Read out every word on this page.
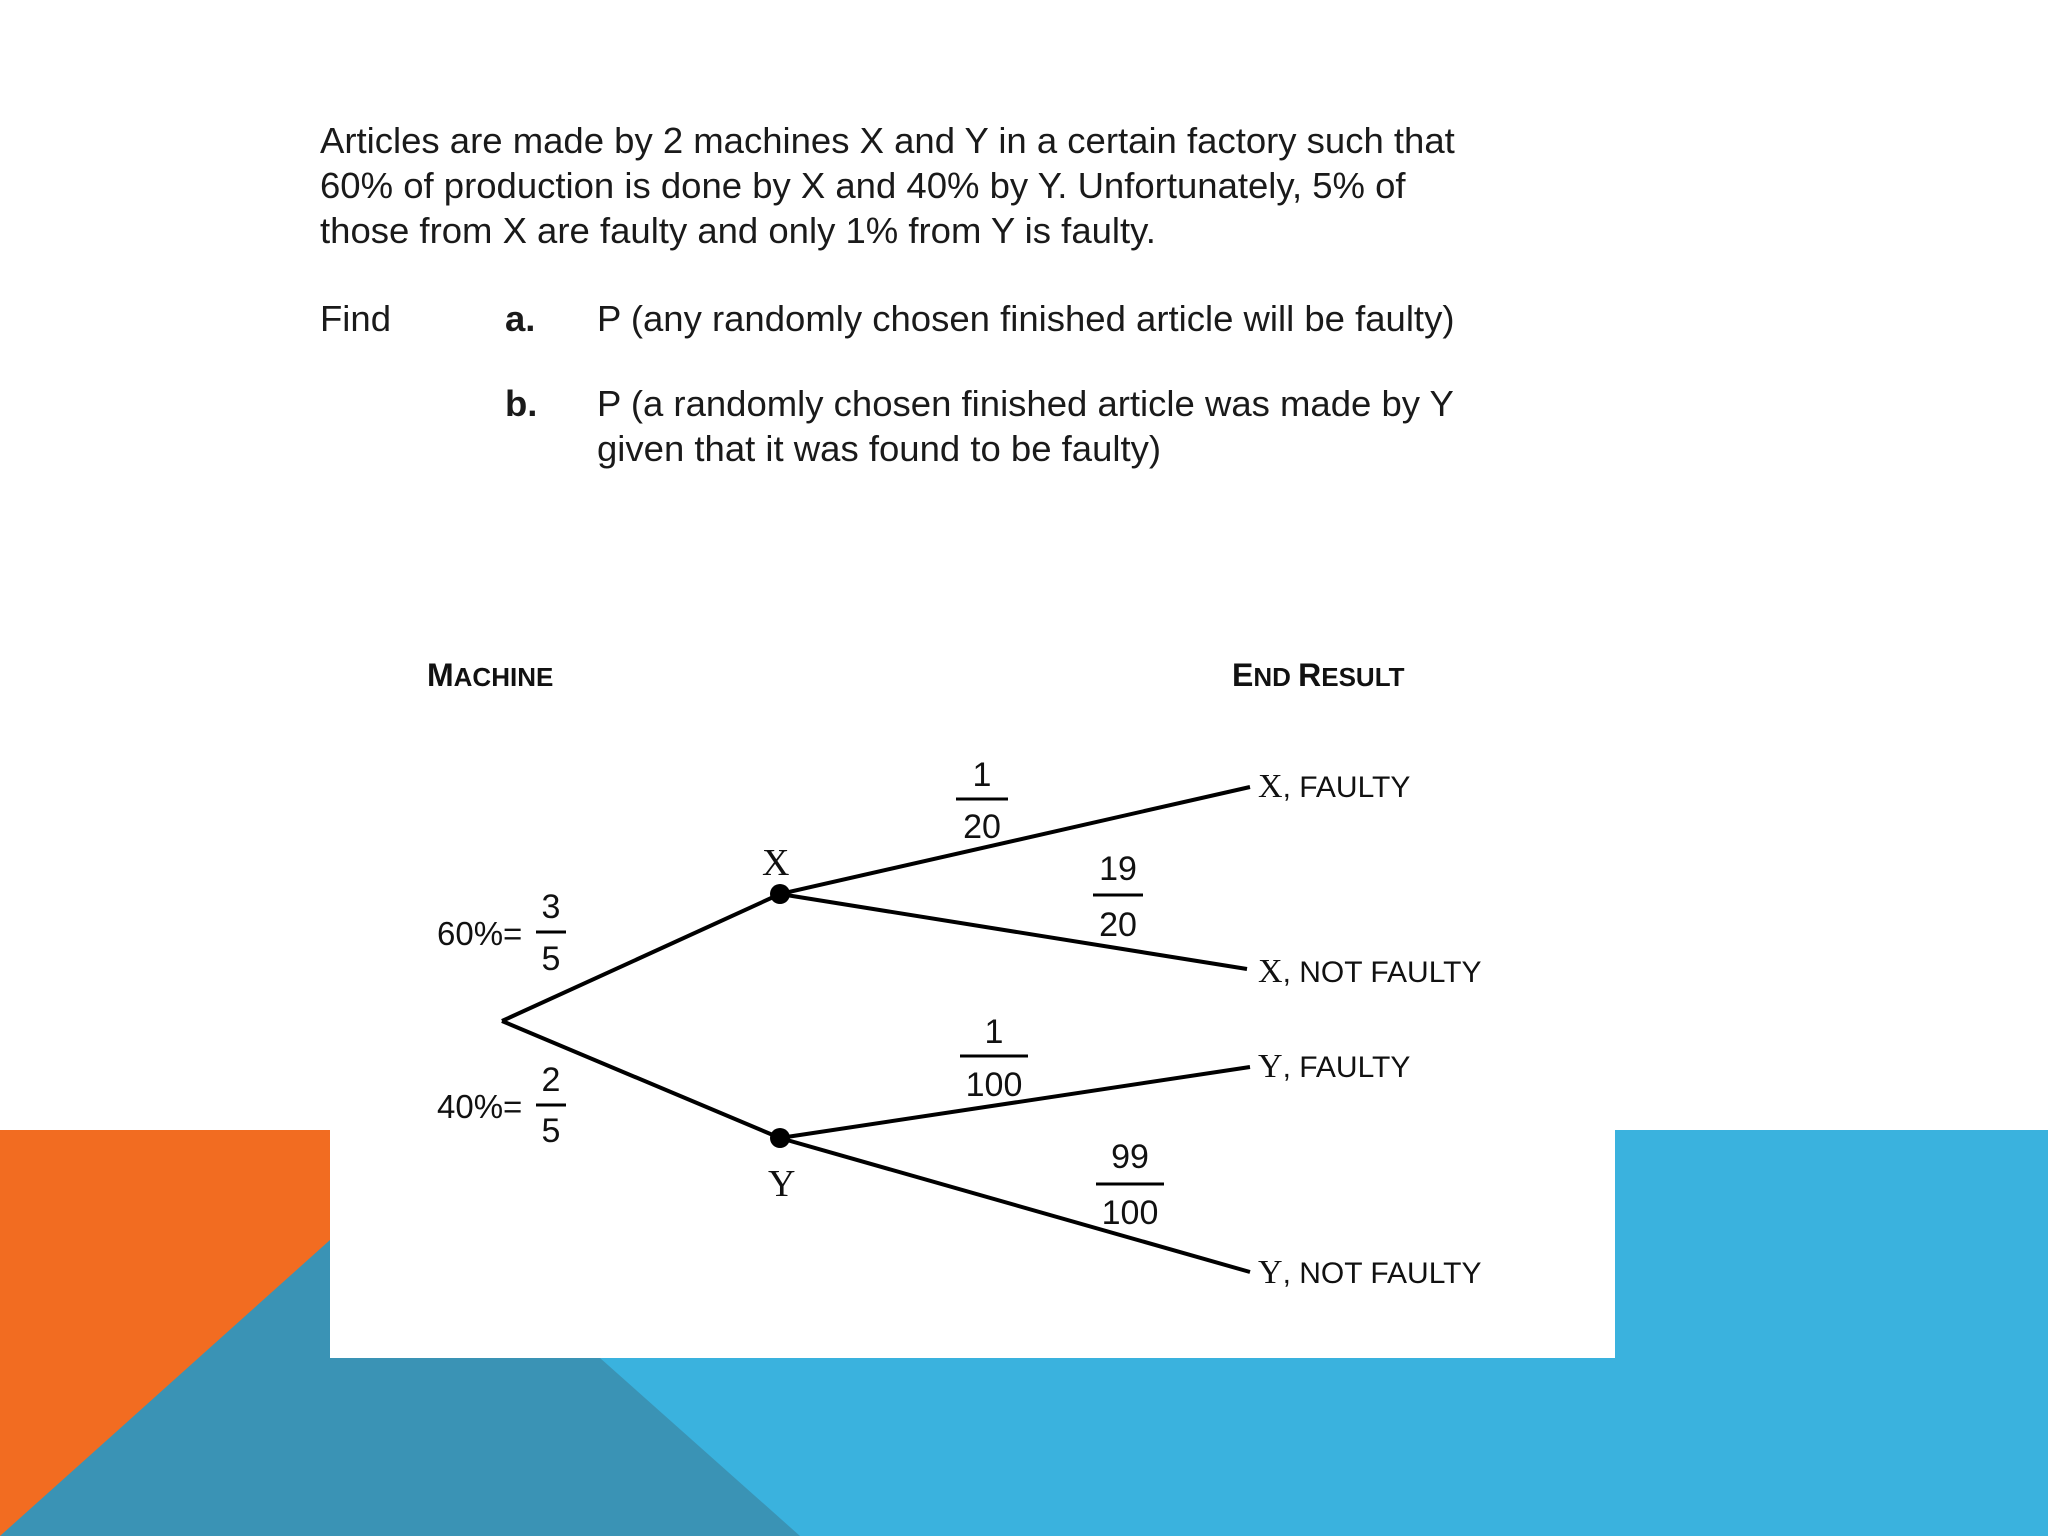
Articles are made by 2 machines X and Y in a certain factory such that

60% of production is done by X and 40% by Y. Unfortunately, 5% of

those from X are faulty and only 1% from Y is faulty.

Find	a. P (any randomly chosen finished article will be faulty)
b. P (a randomly chosen finished article was made by Y
given that it was found to be faulty)
MACHINE	END RESULT
X
Y
60%=
3
5
40%=
2
5
1
20
19
20
1
100
99
100
X, FAULTY
X, NOT FAULTY
Y, FAULTY
Y, NOT FAULTY
